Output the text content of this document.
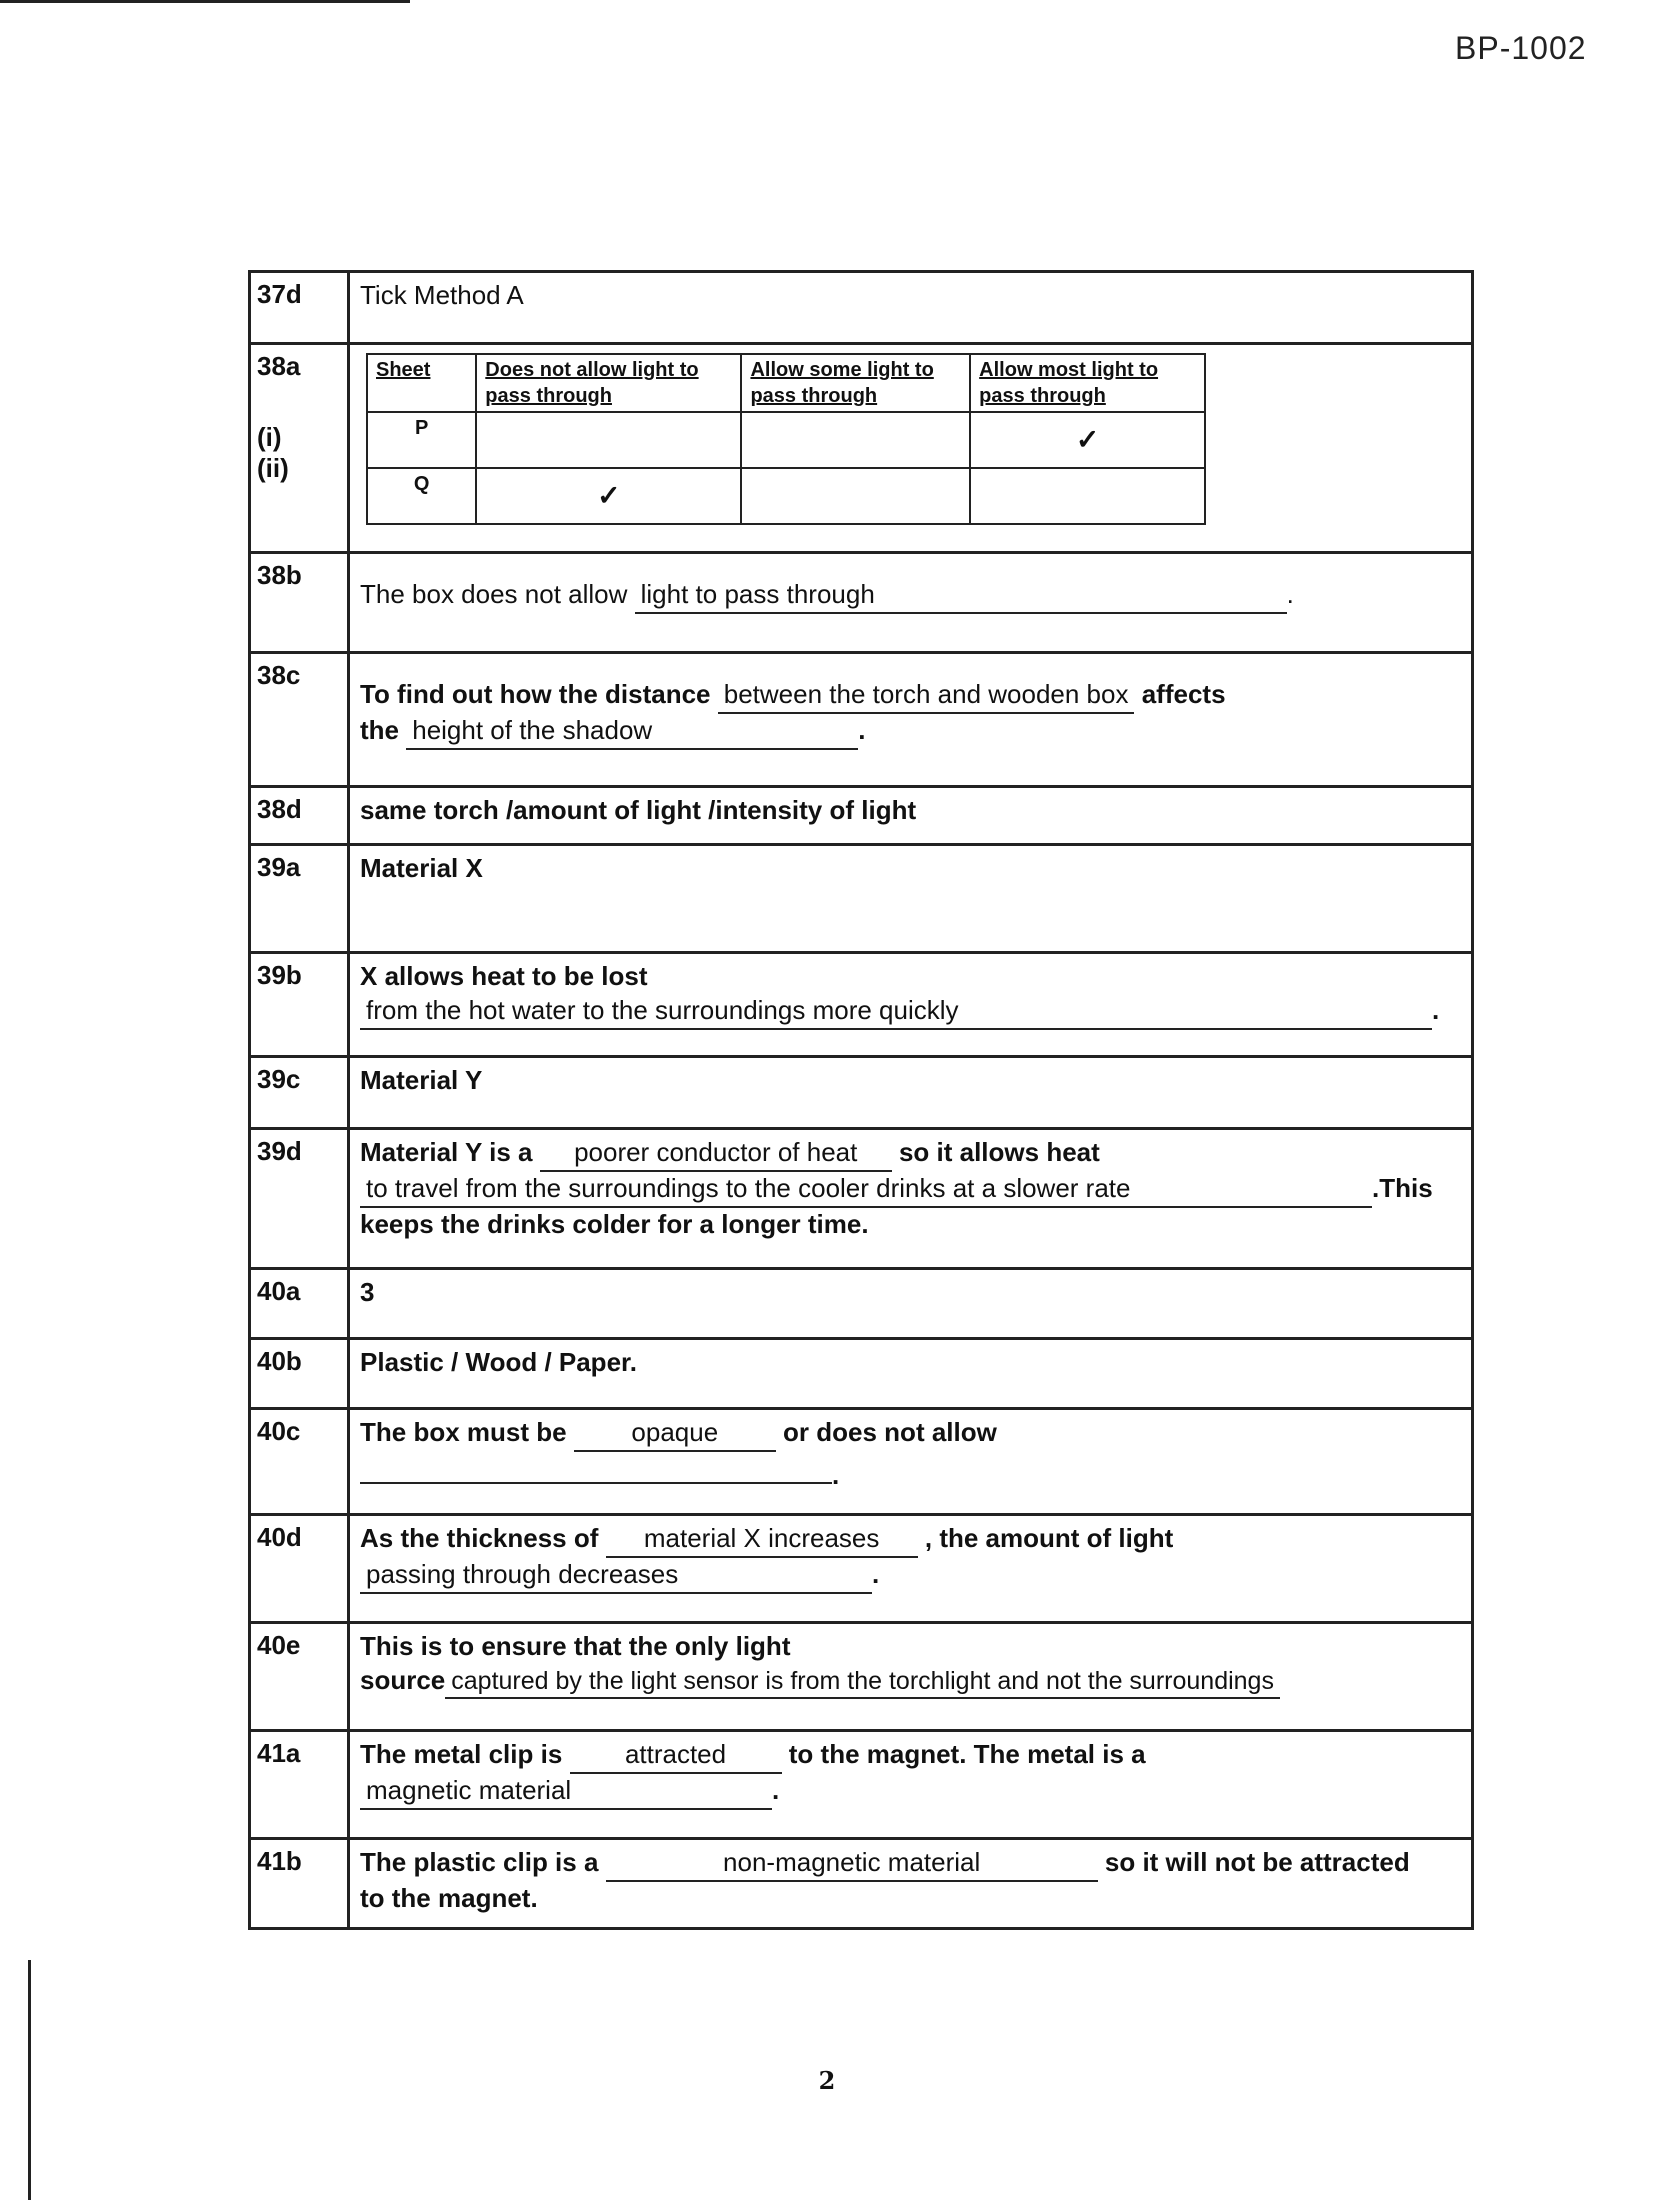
BP-1002
37d	Tick Method A
38a
(i)
(ii)

Sheet	Does not allow light to pass through	Allow some light to pass through	Allow most light to pass through
P			✓
Q	✓		

38b	
The box does not allow light to pass through	.

38c	
To find out how the distance between the torch and wooden box affects
the height of the shadow	.

38d	same torch /amount of light /intensity of light
39a	Material X
39b	X allows heat to be lost
from the hot water to the surroundings more quickly	.
39c	Material Y
39d	Material Y is a poorer conductor of heat so it allows heat
to travel from the surroundings to the cooler drinks at a slower rate	.This
keeps the drinks colder for a longer time.
40a	3
40b	Plastic / Wood / Paper.
40c	The box must be opaque or does not allow
.
40d	As the thickness of material X increases , the amount of light
passing through decreases	.
40e	This is to ensure that the only light
source captured by the light sensor is from the torchlight and not the surroundings
41a	The metal clip is attracted to the magnet. The metal is a
magnetic material	.
41b	The plastic clip is a	non-magnetic material	so it will not be attracted
to the magnet.
2
